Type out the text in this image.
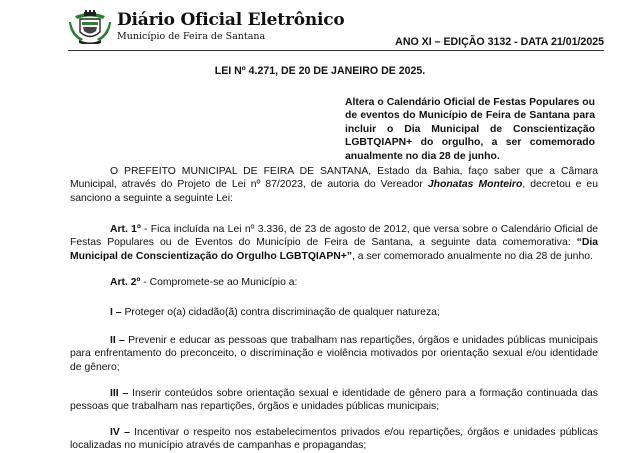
Diário Oficial Eletrônico
Município de Feira de Santana	ANO XI – EDIÇÃO 3132 - DATA 21/01/2025
LEI Nº 4.271, DE 20 DE JANEIRO DE 2025.
Altera o Calendário Oficial de Festas Populares ou de eventos do Município de Feira de Santana para incluir o Dia Municipal de Conscientização LGBTQIAPN+ do orgulho, a ser comemorado anualmente no dia 28 de junho.
O PREFEITO MUNICIPAL DE FEIRA DE SANTANA, Estado da Bahia, faço saber que a Câmara Municipal, através do Projeto de Lei nº 87/2023, de autoria do Vereador Jhonatas Monteiro, decretou e eu sanciono a seguinte a seguinte Lei:
Art. 1º - Fica incluída na Lei nº 3.336, de 23 de agosto de 2012, que versa sobre o Calendário Oficial de Festas Populares ou de Eventos do Município de Feira de Santana, a seguinte data comemorativa: “Dia Municipal de Conscientização do Orgulho LGBTQIAPN+”, a ser comemorado anualmente no dia 28 de junho.
Art. 2º - Compromete-se ao Município a:
I – Proteger o(a) cidadão(ã) contra discriminação de qualquer natureza;
II – Prevenir e educar as pessoas que trabalham nas repartições, órgãos e unidades públicas municipais para enfrentamento do preconceito, o discriminação e violência motivados por orientação sexual e/ou identidade de gênero;
III – Inserir conteúdos sobre orientação sexual e identidade de gênero para a formação continuada das pessoas que trabalham nas repartições, órgãos e unidades públicas municipais;
IV – Incentivar o respeito nos estabelecimentos privados e/ou repartições, órgãos e unidades públicas localizadas no município através de campanhas e propagandas;
